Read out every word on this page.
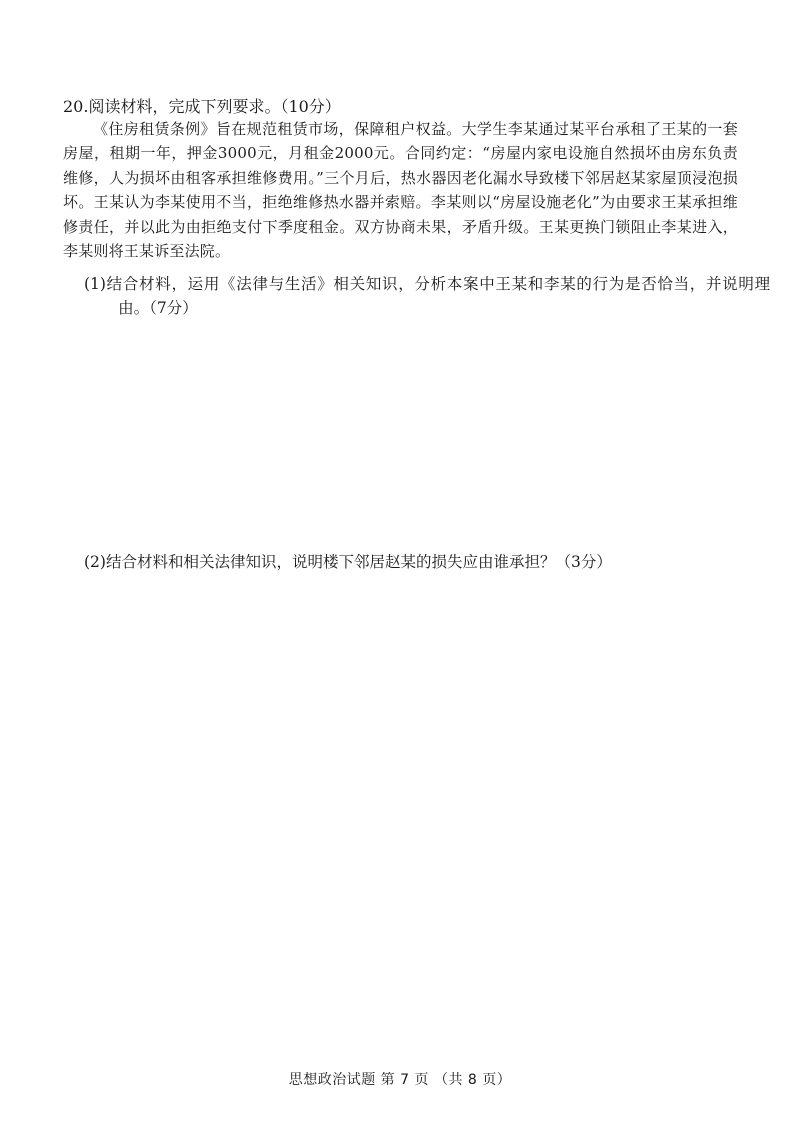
20.阅读材料，完成下列要求。（10分）

《住房租赁条例》旨在规范租赁市场，保障租户权益。大学生李某通过某平台承租了王某的一套房屋，租期一年，押金3000元，月租金2000元。合同约定：“房屋内家电设施自然损坏由房东负责维修，人为损坏由租客承担维修费用。”三个月后，热水器因老化漏水导致楼下邻居赵某家屋顶浸泡损坏。王某认为李某使用不当，拒绝维修热水器并索赔。李某则以“房屋设施老化”为由要求王某承担维修责任，并以此为由拒绝支付下季度租金。双方协商未果，矛盾升级。王某更换门锁阻止李某进入，李某则将王某诉至法院。

(1)结合材料，运用《法律与生活》相关知识，分析本案中王某和李某的行为是否恰当，并说明理由。（7分）

(2)结合材料和相关法律知识，说明楼下邻居赵某的损失应由谁承担？（3分）

思想政治试题 第 7 页 （共 8 页）
